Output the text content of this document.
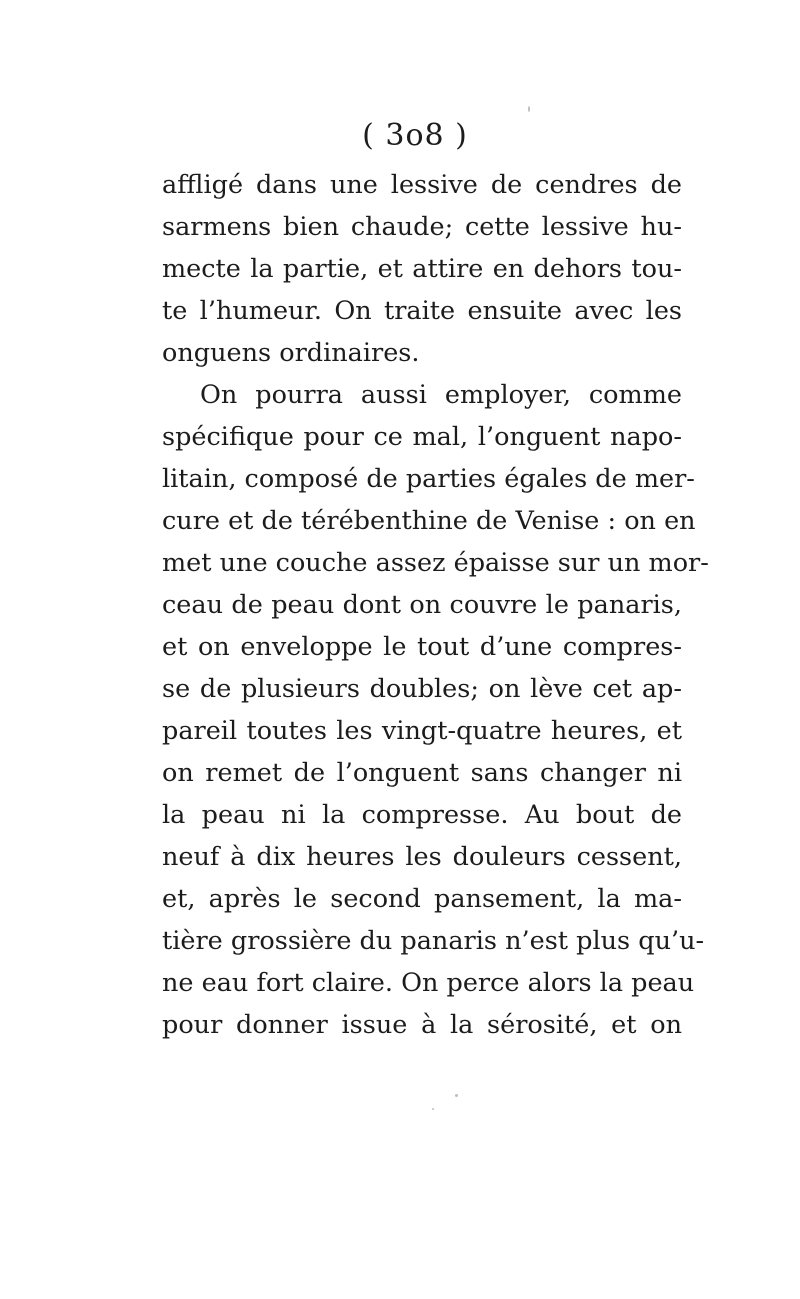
( 3o8 )
affligé dans une lessive de cendres de
sarmens bien chaude; cette lessive hu-
mecte la partie, et attire en dehors tou-
te l’humeur. On traite ensuite avec les
onguens ordinaires.
On pourra aussi employer, comme
spécifique pour ce mal, l’onguent napo-
litain, composé de parties égales de mer-
cure et de térébenthine de Venise : on en
met une couche assez épaisse sur un mor-
ceau de peau dont on couvre le panaris,
et on enveloppe le tout d’une compres-
se de plusieurs doubles; on lève cet ap-
pareil toutes les vingt-quatre heures, et
on remet de l’onguent sans changer ni
la peau ni la compresse. Au bout de
neuf à dix heures les douleurs cessent,
et, après le second pansement, la ma-
tière grossière du panaris n’est plus qu’u-
ne eau fort claire. On perce alors la peau
pour donner issue à la sérosité, et on
